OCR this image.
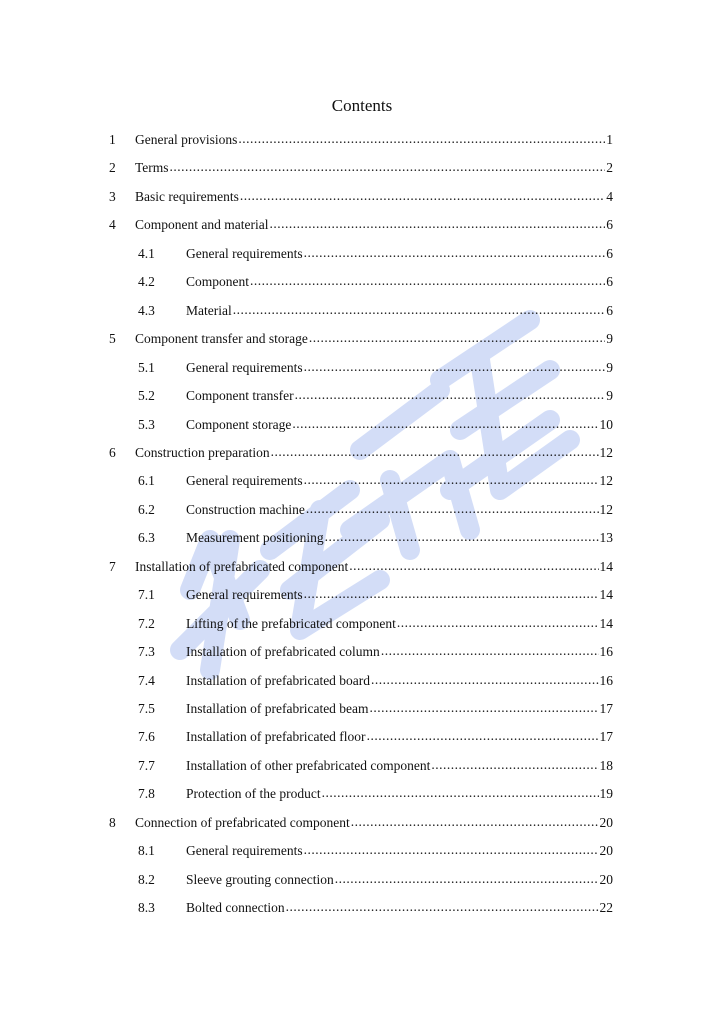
Contents
1	General provisions .....	1
2	Terms .....	2
3	Basic requirements .....	4
4	Component and material .....	6
4.1	General requirements .....	6
4.2	Component .....	6
4.3	Material .....	6
5	Component transfer and storage .....	9
5.1	General requirements .....	9
5.2	Component transfer .....	9
5.3	Component storage .....	10
6	Construction preparation .....	12
6.1	General requirements .....	12
6.2	Construction machine .....	12
6.3	Measurement positioning .....	13
7	Installation of prefabricated component .....	14
7.1	General requirements .....	14
7.2	Lifting of the prefabricated component .....	14
7.3	Installation of prefabricated column .....	16
7.4	Installation of prefabricated board .....	16
7.5	Installation of prefabricated beam .....	17
7.6	Installation of prefabricated floor .....	17
7.7	Installation of other prefabricated component .....	18
7.8	Protection of the product .....	19
8	Connection of prefabricated component .....	20
8.1	General requirements .....	20
8.2	Sleeve grouting connection .....	20
8.3	Bolted connection .....	22
